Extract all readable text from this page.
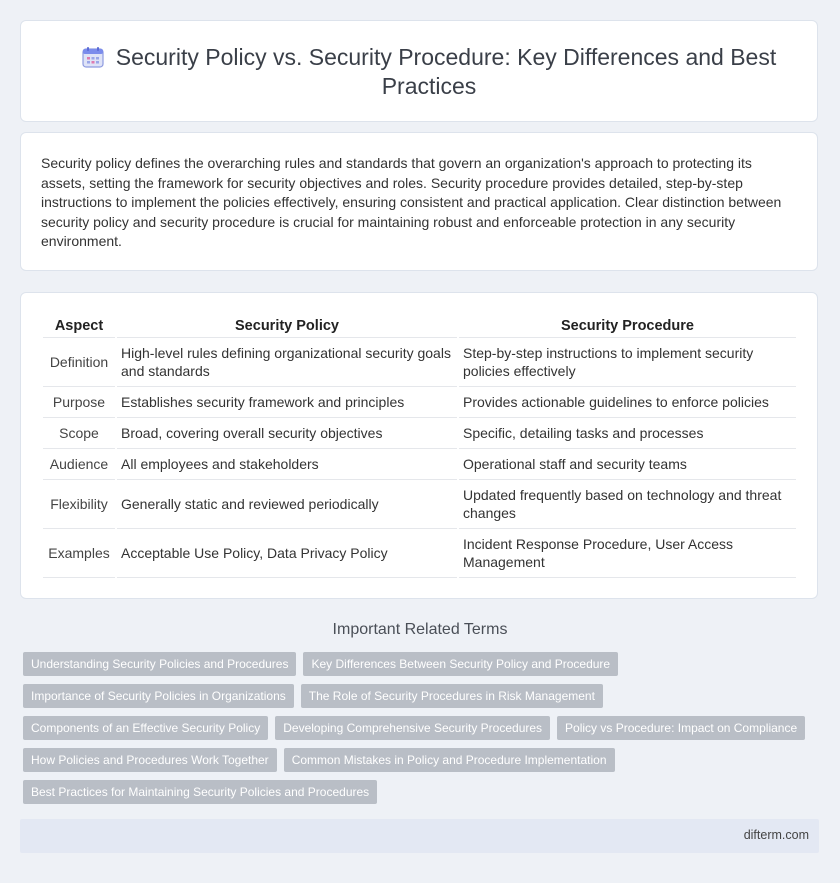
Security Policy vs. Security Procedure: Key Differences and Best Practices

Security policy defines the overarching rules and standards that govern an organization's approach to protecting its assets, setting the framework for security objectives and roles. Security procedure provides detailed, step-by-step instructions to implement the policies effectively, ensuring consistent and practical application. Clear distinction between security policy and security procedure is crucial for maintaining robust and enforceable protection in any security environment.

Aspect	Security Policy	Security Procedure
Definition	High-level rules defining organizational security goals and standards	Step-by-step instructions to implement security policies effectively
Purpose	Establishes security framework and principles	Provides actionable guidelines to enforce policies
Scope	Broad, covering overall security objectives	Specific, detailing tasks and processes
Audience	All employees and stakeholders	Operational staff and security teams
Flexibility	Generally static and reviewed periodically	Updated frequently based on technology and threat changes
Examples	Acceptable Use Policy, Data Privacy Policy	Incident Response Procedure, User Access Management
Important Related Terms
Understanding Security Policies and Procedures	Key Differences Between Security Policy and Procedure
Importance of Security Policies in Organizations	The Role of Security Procedures in Risk Management
Components of an Effective Security Policy	Developing Comprehensive Security Procedures	Policy vs Procedure: Impact on Compliance
How Policies and Procedures Work Together	Common Mistakes in Policy and Procedure Implementation
Best Practices for Maintaining Security Policies and Procedures
difterm.com
